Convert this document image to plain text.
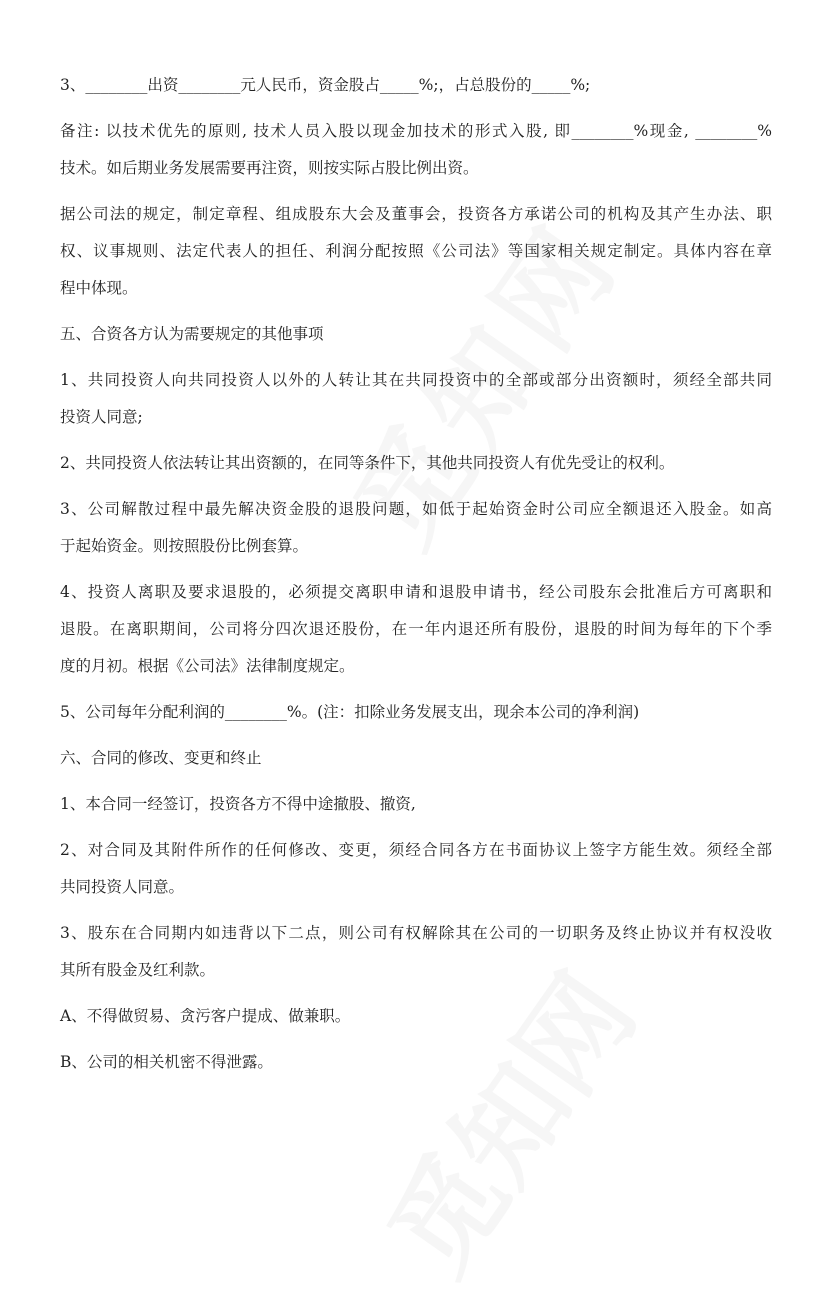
3、________出资________元人民币，资金股占_____%;，占总股份的_____%;

备注: 以技术优先的原则, 技术人员入股以现金加技术的形式入股, 即________%现金, ________%
技术。如后期业务发展需要再注资，则按实际占股比例出资。

据公司法的规定，制定章程、组成股东大会及董事会，投资各方承诺公司的机构及其产生办法、职
权、议事规则、法定代表人的担任、利润分配按照《公司法》等国家相关规定制定。具体内容在章
程中体现。

五、合资各方认为需要规定的其他事项

1、共同投资人向共同投资人以外的人转让其在共同投资中的全部或部分出资额时，须经全部共同
投资人同意;

2、共同投资人依法转让其出资额的，在同等条件下，其他共同投资人有优先受让的权利。

3、公司解散过程中最先解决资金股的退股问题，如低于起始资金时公司应全额退还入股金。如高
于起始资金。则按照股份比例套算。

4、投资人离职及要求退股的，必须提交离职申请和退股申请书，经公司股东会批准后方可离职和
退股。在离职期间，公司将分四次退还股份，在一年内退还所有股份，退股的时间为每年的下个季
度的月初。根据《公司法》法律制度规定。

5、公司每年分配利润的________%。(注：扣除业务发展支出，现余本公司的净利润)

六、合同的修改、变更和终止

1、本合同一经签订，投资各方不得中途撤股、撤资,

2、对合同及其附件所作的任何修改、变更，须经合同各方在书面协议上签字方能生效。须经全部
共同投资人同意。

3、股东在合同期内如违背以下二点，则公司有权解除其在公司的一切职务及终止协议并有权没收
其所有股金及红利款。

A、不得做贸易、贪污客户提成、做兼职。

B、公司的相关机密不得泄露。
